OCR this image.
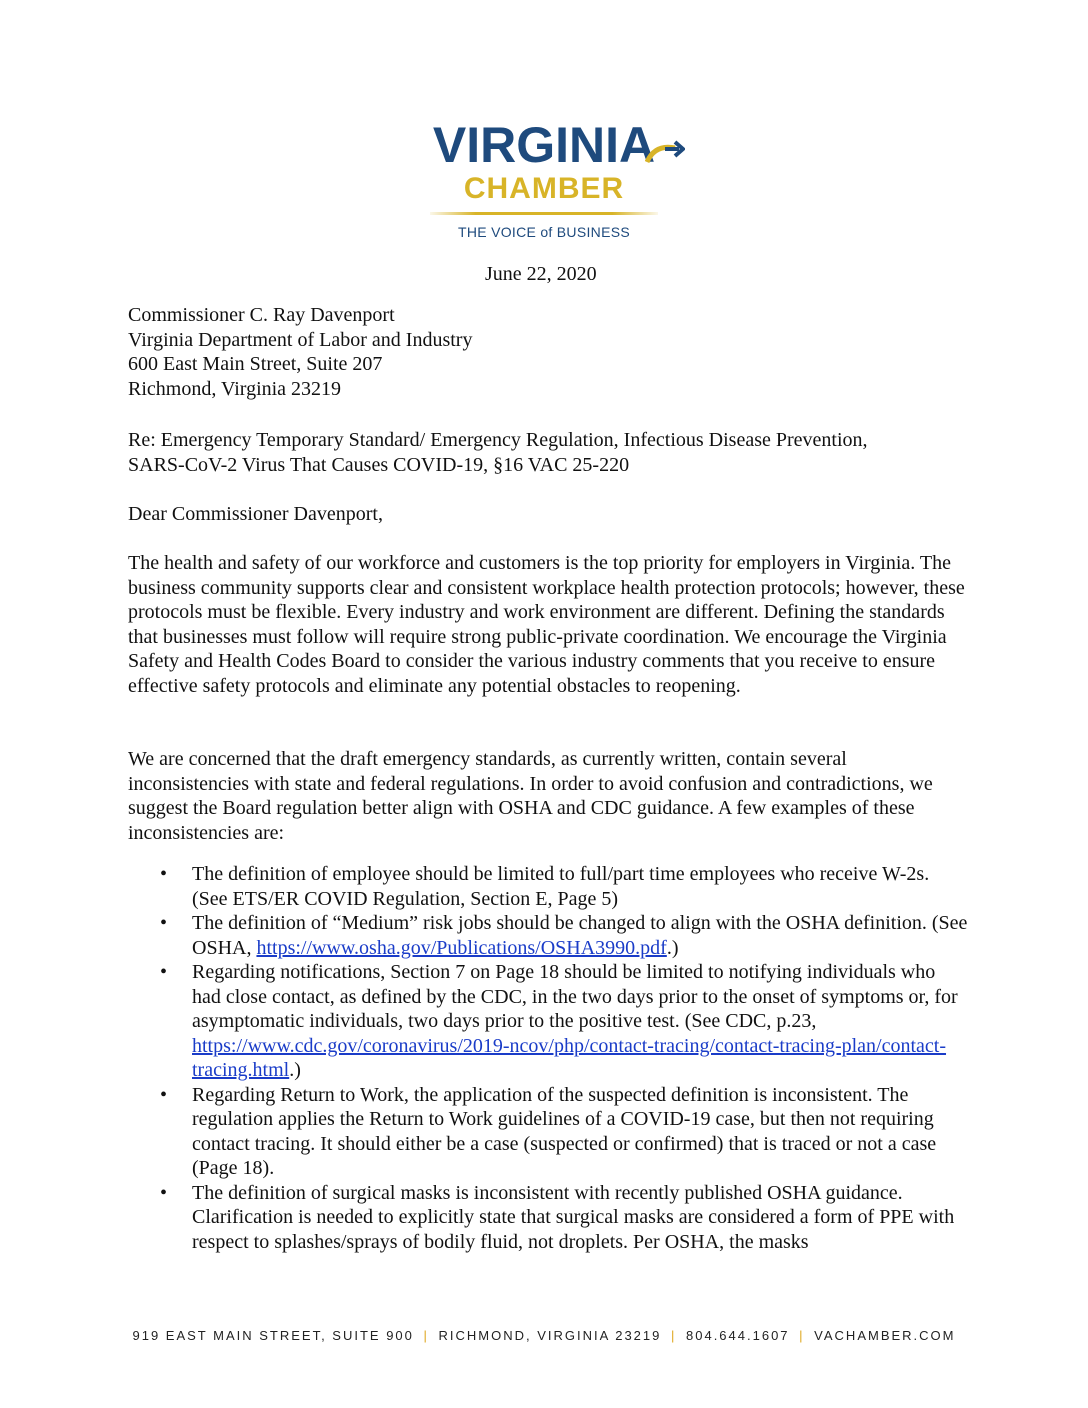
VIRGINIA
CHAMBER
THE VOICE of BUSINESS
June 22, 2020
Commissioner C. Ray Davenport
Virginia Department of Labor and Industry
600 East Main Street, Suite 207
Richmond, Virginia 23219
Re: Emergency Temporary Standard/ Emergency Regulation, Infectious Disease Prevention,
SARS-CoV-2 Virus That Causes COVID-19, §16 VAC 25-220
Dear Commissioner Davenport,
The health and safety of our workforce and customers is the top priority for employers in Virginia. The business community supports clear and consistent workplace health protection protocols; however, these protocols must be flexible. Every industry and work environment are different. Defining the standards that businesses must follow will require strong public-private coordination. We encourage the Virginia Safety and Health Codes Board to consider the various industry comments that you receive to ensure effective safety protocols and eliminate any potential obstacles to reopening.
We are concerned that the draft emergency standards, as currently written, contain several inconsistencies with state and federal regulations. In order to avoid confusion and contradictions, we suggest the Board regulation better align with OSHA and CDC guidance. A few examples of these inconsistencies are:
• The definition of employee should be limited to full/part time employees who receive W-2s. (See ETS/ER COVID Regulation, Section E, Page 5)
• The definition of “Medium” risk jobs should be changed to align with the OSHA definition. (See OSHA, https://www.osha.gov/Publications/OSHA3990.pdf.)
• Regarding notifications, Section 7 on Page 18 should be limited to notifying individuals who had close contact, as defined by the CDC, in the two days prior to the onset of symptoms or, for asymptomatic individuals, two days prior to the positive test. (See CDC, p.23, https://www.cdc.gov/coronavirus/2019-ncov/php/contact-tracing/contact-tracing-plan/contact-tracing.html.)
• Regarding Return to Work, the application of the suspected definition is inconsistent. The regulation applies the Return to Work guidelines of a COVID-19 case, but then not requiring contact tracing. It should either be a case (suspected or confirmed) that is traced or not a case (Page 18).
• The definition of surgical masks is inconsistent with recently published OSHA guidance. Clarification is needed to explicitly state that surgical masks are considered a form of PPE with respect to splashes/sprays of bodily fluid, not droplets. Per OSHA, the masks
919 EAST MAIN STREET, SUITE 900 | RICHMOND, VIRGINIA 23219 | 804.644.1607 | VACHAMBER.COM
